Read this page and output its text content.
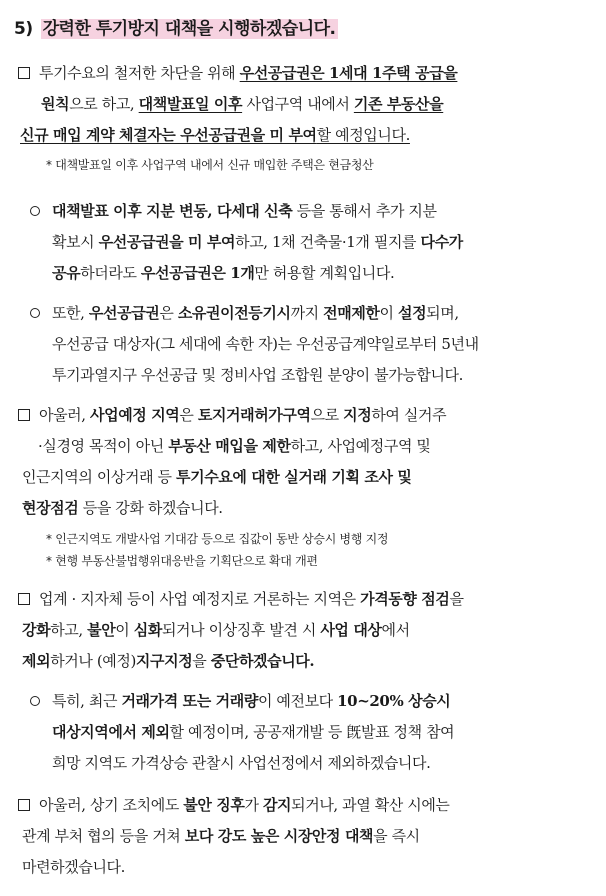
5) 강력한 투기방지 대책을 시행하겠습니다.
투기수요의 철저한 차단을 위해 우선공급권은 1세대 1주택 공급을
원칙으로 하고, 대책발표일 이후 사업구역 내에서 기존 부동산을
신규 매입 계약 체결자는 우선공급권을 미 부여할 예정입니다.
* 대책발표일 이후 사업구역 내에서 신규 매입한 주택은 현금청산
대책발표 이후 지분 변동, 다세대 신축 등을 통해서 추가 지분
확보시 우선공급권을 미 부여하고, 1채 건축물·1개 필지를 다수가
공유하더라도 우선공급권은 1개만 허용할 계획입니다.
또한, 우선공급권은 소유권이전등기시까지 전매제한이 설정되며,
우선공급 대상자(그 세대에 속한 자)는 우선공급계약일로부터 5년내
투기과열지구 우선공급 및 정비사업 조합원 분양이 불가능합니다.
아울러, 사업예정 지역은 토지거래허가구역으로 지정하여 실거주
·실경영 목적이 아닌 부동산 매입을 제한하고, 사업예정구역 및
인근지역의 이상거래 등 투기수요에 대한 실거래 기획 조사 및
현장점검 등을 강화 하겠습니다.
* 인근지역도 개발사업 기대감 등으로 집값이 동반 상승시 병행 지정
* 현행 부동산불법행위대응반을 기획단으로 확대 개편
업계 · 지자체 등이 사업 예정지로 거론하는 지역은 가격동향 점검을
강화하고, 불안이 심화되거나 이상징후 발견 시 사업 대상에서
제외하거나 (예정)지구지정을 중단하겠습니다.
특히, 최근 거래가격 또는 거래량이 예전보다 10~20% 상승시
대상지역에서 제외할 예정이며, 공공재개발 등 旣발표 정책 참여
희망 지역도 가격상승 관찰시 사업선정에서 제외하겠습니다.
아울러, 상기 조치에도 불안 징후가 감지되거나, 과열 확산 시에는
관계 부처 협의 등을 거쳐 보다 강도 높은 시장안정 대책을 즉시
마련하겠습니다.
